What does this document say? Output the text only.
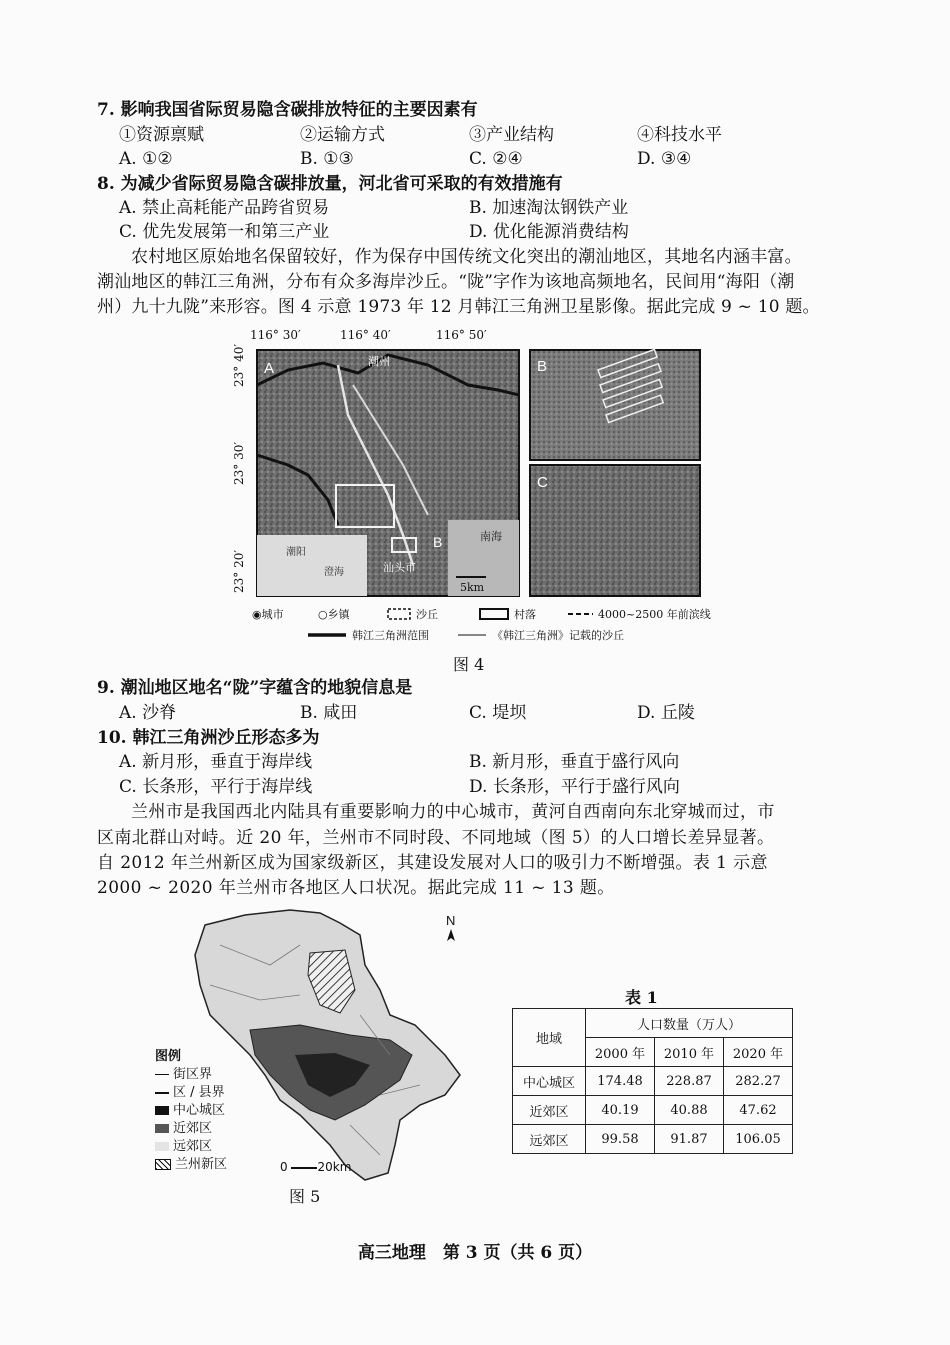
7. 影响我国省际贸易隐含碳排放特征的主要因素有
①资源禀赋	②运输方式	③产业结构	④科技水平
A. ①②	B. ①③	C. ②④	D. ③④
8. 为减少省际贸易隐含碳排放量，河北省可采取的有效措施有
A. 禁止高耗能产品跨省贸易	B. 加速淘汰钢铁产业
C. 优先发展第一和第三产业	D. 优化能源消费结构
农村地区原始地名保留较好，作为保存中国传统文化突出的潮汕地区，其地名内涵丰富。
潮汕地区的韩江三角洲，分布有众多海岸沙丘。“陇”字作为该地高频地名，民间用“海阳（潮
州）九十九陇”来形容。图 4 示意 1973 年 12 月韩江三角洲卫星影像。据此完成 9 ~ 10 题。
116° 30′	116° 40′	116° 50′
23° 40′
23° 30′
23° 20′
A	潮州
汕头市
潮阳
澄海
南海
B
5km
B
C
◉城市	○乡镇	沙丘	村落	4000~2500 年前滨线
韩江三角洲范围	《韩江三角洲》记载的沙丘
图 4
9. 潮汕地区地名“陇”字蕴含的地貌信息是
A. 沙脊	B. 咸田	C. 堤坝	D. 丘陵
10. 韩江三角洲沙丘形态多为
A. 新月形，垂直于海岸线	B. 新月形，垂直于盛行风向
C. 长条形，平行于海岸线	D. 长条形，平行于盛行风向
兰州市是我国西北内陆具有重要影响力的中心城市，黄河自西南向东北穿城而过，市
区南北群山对峙。近 20 年，兰州市不同时段、不同地域（图 5）的人口增长差异显著。
自 2012 年兰州新区成为国家级新区，其建设发展对人口的吸引力不断增强。表 1 示意
2000 ~ 2020 年兰州市各地区人口状况。据此完成 11 ~ 13 题。
N
图例
街区界
区 / 县界
中心城区
近郊区
远郊区
兰州新区	0 20km
图 5
表 1
地域	人口数量（万人）		
	2000 年	2010 年	2020 年
中心城区	174.48	228.87	282.27
近郊区	40.19	40.88	47.62
远郊区	99.58	91.87	106.05
高三地理　第 3 页（共 6 页）
